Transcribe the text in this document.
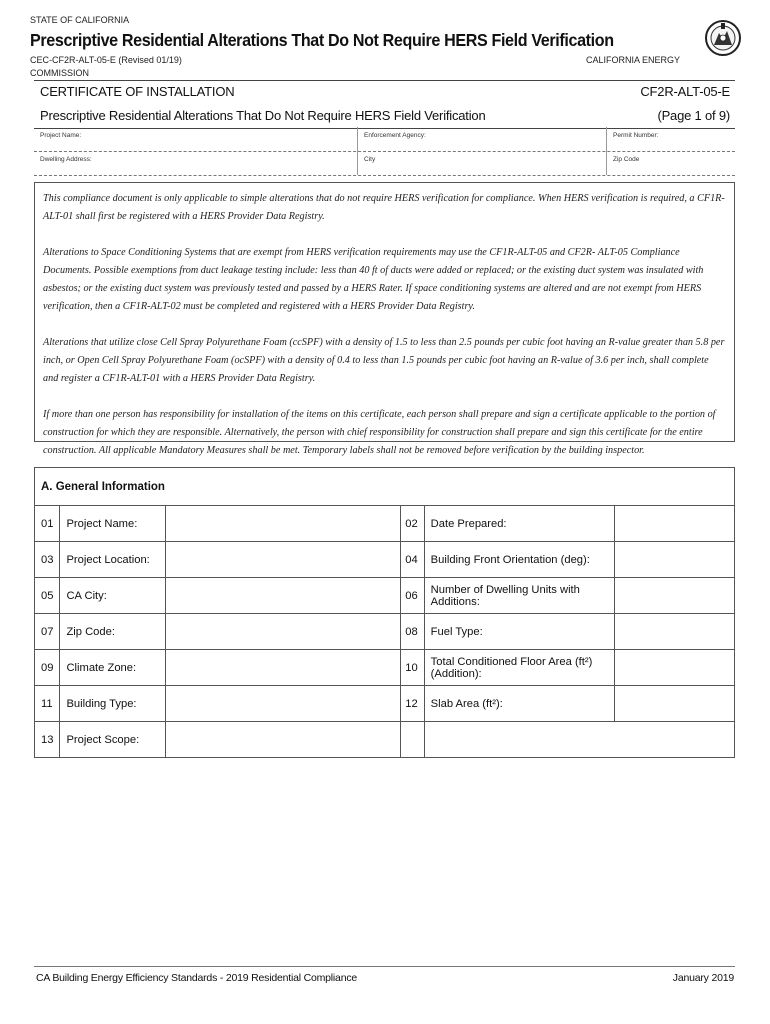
STATE OF CALIFORNIA
Prescriptive Residential Alterations That Do Not Require HERS Field Verification
CEC-CF2R-ALT-05-E (Revised 01/19)
COMMISSION
CALIFORNIA ENERGY
CERTIFICATE OF INSTALLATION
Prescriptive Residential Alterations That Do Not Require HERS Field Verification
CF2R-ALT-05-E
(Page 1 of 9)
Project Name:	Enforcement Agency:	Permit Number:
Dwelling Address:	City	Zip Code

This compliance document is only applicable to simple alterations that do not require HERS verification for compliance. When HERS verification is required, a CF1R-ALT-01 shall first be registered with a HERS Provider Data Registry.

Alterations to Space Conditioning Systems that are exempt from HERS verification requirements may use the CF1R-ALT-05 and CF2R- ALT-05 Compliance Documents. Possible exemptions from duct leakage testing include: less than 40 ft of ducts were added or replaced; or the existing duct system was insulated with asbestos; or the existing duct system was previously tested and passed by a HERS Rater. If space conditioning systems are altered and are not exempt from HERS verification, then a CF1R-ALT-02 must be completed and registered with a HERS Provider Data Registry.

Alterations that utilize close Cell Spray Polyurethane Foam (ccSPF) with a density of 1.5 to less than 2.5 pounds per cubic foot having an R-value greater than 5.8 per inch, or Open Cell Spray Polyurethane Foam (ocSPF) with a density of 0.4 to less than 1.5 pounds per cubic foot having an R-value of 3.6 per inch, shall complete and register a CF1R-ALT-01 with a HERS Provider Data Registry.

If more than one person has responsibility for installation of the items on this certificate, each person shall prepare and sign a certificate applicable to the portion of construction for which they are responsible. Alternatively, the person with chief responsibility for construction shall prepare and sign this certificate for the entire construction. All applicable Mandatory Measures shall be met. Temporary labels shall not be removed before verification by the building inspector.

A. General Information					
01	Project Name:		02	Date Prepared:	
03	Project Location:		04	Building Front Orientation (deg):	
05	CA City:		06	Number of Dwelling Units with Additions:	
07	Zip Code:		08	Fuel Type:	
09	Climate Zone:		10	Total Conditioned Floor Area (ft²) (Addition):	
11	Building Type:		12	Slab Area (ft²):	
13	Project Scope:				
CA Building Energy Efficiency Standards - 2019 Residential Compliance	January 2019
